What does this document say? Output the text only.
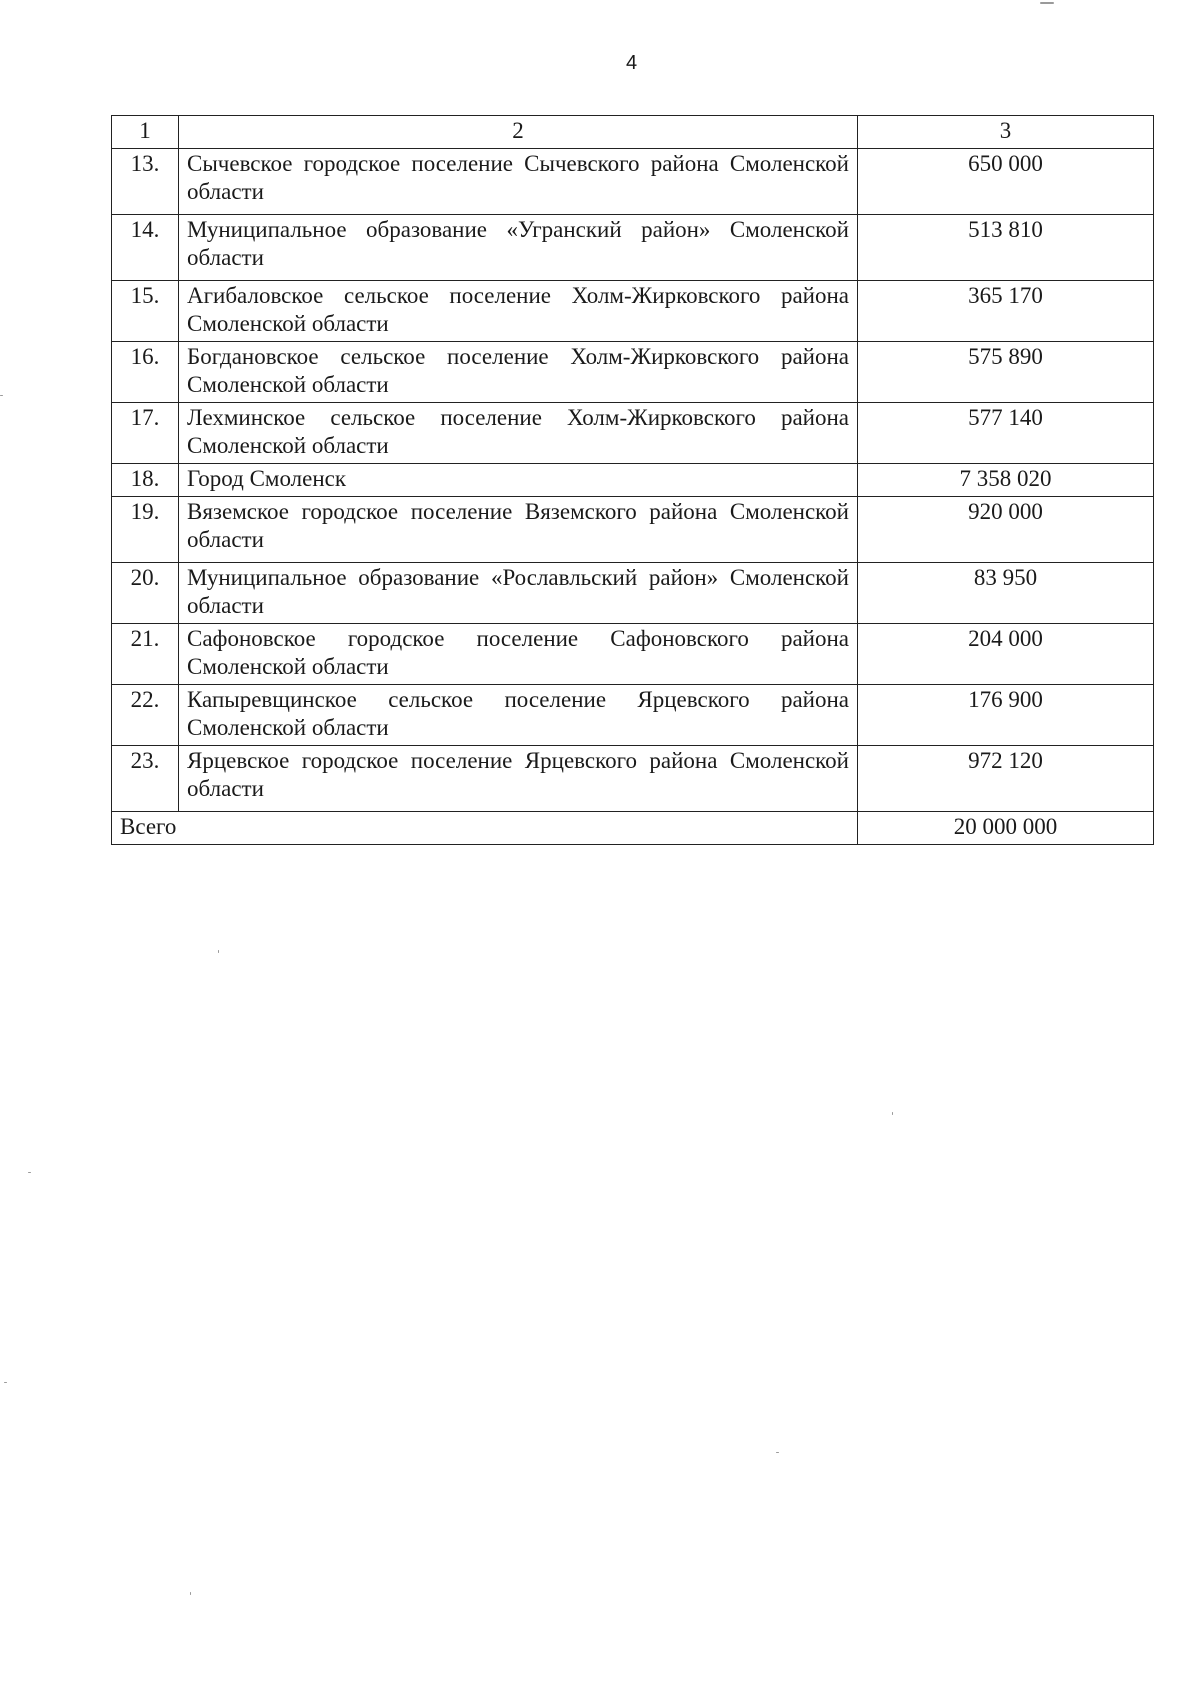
4
1	2	3
13.	Сычевское городское поселение Сычевского района Смоленской области	650 000
14.	Муниципальное образование «Угранский район» Смоленской области	513 810
15.	Агибаловское сельское поселение Холм-Жирковского района Смоленской области	365 170
16.	Богдановское сельское поселение Холм-Жирковского района Смоленской области	575 890
17.	Лехминское сельское поселение Холм-Жирковского района Смоленской области	577 140
18.	Город Смоленск	7 358 020
19.	Вяземское городское поселение Вяземского района Смоленской области	920 000
20.	Муниципальное образование «Рославльский район» Смоленской области	83 950
21.	Сафоновское городское поселение Сафоновского района Смоленской области	204 000
22.	Капыревщинское сельское поселение Ярцевского района Смоленской области	176 900
23.	Ярцевское городское поселение Ярцевского района Смоленской области	972 120
Всего		20 000 000
